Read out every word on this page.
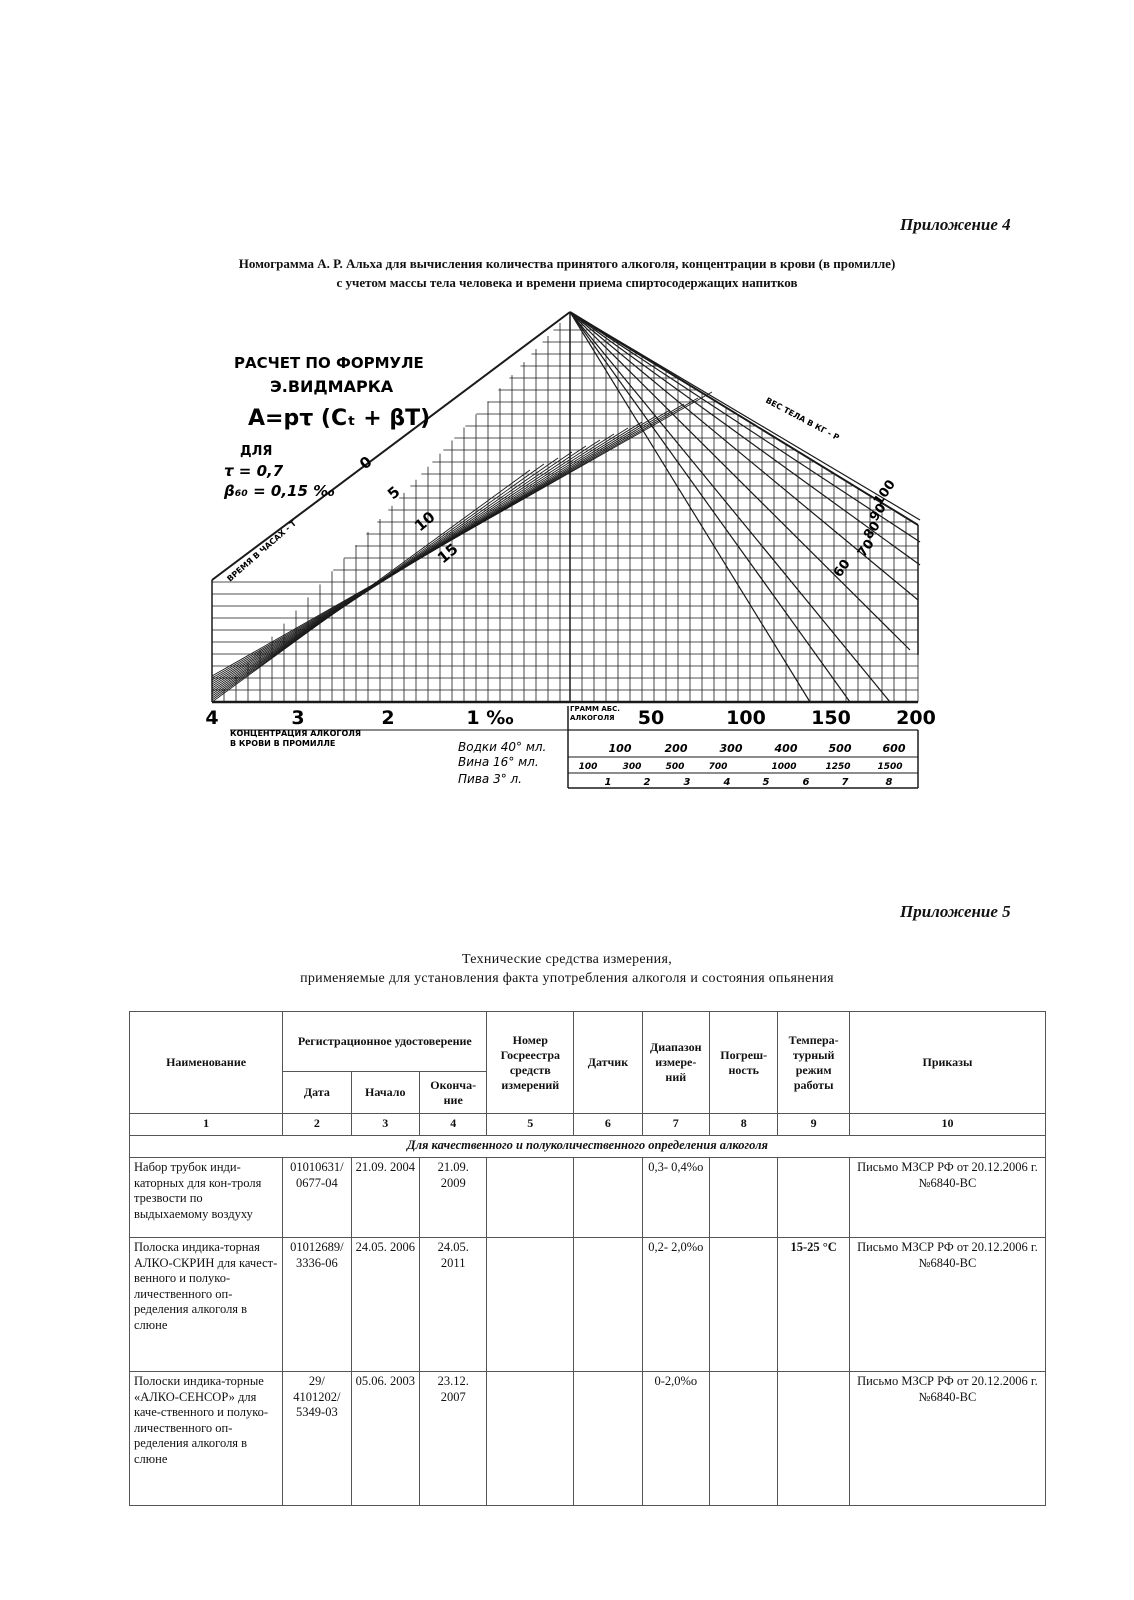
Приложение 4
Номограмма А. Р. Альха для вычисления количества принятого алкоголя, концентрации в крови (в промилле)
с учетом массы тела человека и времени приема спиртосодержащих напитков
РАСЧЕТ ПО ФОРМУЛЕ
Э.ВИДМАРКА
A=pτ (Cₜ + βT)
ДЛЯ
τ = 0,7
β₆₀ = 0,15 ‰
ВРЕМЯ В ЧАСАХ - T
ВЕС ТЕЛА В КГ - P
КОНЦЕНТРАЦИЯ АЛКОГОЛЯ
В КРОВИ В ПРОМИЛЛЕ
ГРАММ АБС.
АЛКОГОЛЯ
Водки 40° мл.
Вина 16° мл.
Пива 3° л.
0
5
10
15
100
90
80
70
60
4	3	2	1 ‰	50	100 150 200
100	200	300	400	500	600
100	300	500	700	1000	1250	1500
1	2	3	4	5	6	7	8
Приложение 5
Технические средства измерения,
применяемые для установления факта употребления алкоголя и состояния опьянения
Наименование	Регистрационное удостоверение			Номер Госреестра средств измерений	Датчик	Диапазон измере-ний	Погреш-ность	Темпера-турный режим работы	Приказы
	Дата	Начало	Оконча-ние						
1	2	3	4	5	6	7	8	9	10
Для качественного и полуколичественного определения алкоголя									
Набор трубок инди-каторных для кон-троля трезвости по выдыхаемому воздуху	01010631/ 0677-04	21.09. 2004	21.09. 2009			0,3- 0,4%о			Письмо МЗСР РФ от 20.12.2006 г. №6840-ВС
Полоска индика-торная АЛКО-СКРИН для качест-венного и полуко-личественного оп-ределения алкоголя в слюне	01012689/ 3336-06	24.05. 2006	24.05. 2011			0,2- 2,0%о		15-25 °С	Письмо МЗСР РФ от 20.12.2006 г. №6840-ВС
Полоски индика-торные «АЛКО-СЕНСОР» для каче-ственного и полуко-личественного оп-ределения алкоголя в слюне	29/ 4101202/ 5349-03	05.06. 2003	23.12. 2007			0-2,0%о			Письмо МЗСР РФ от 20.12.2006 г. №6840-ВС
